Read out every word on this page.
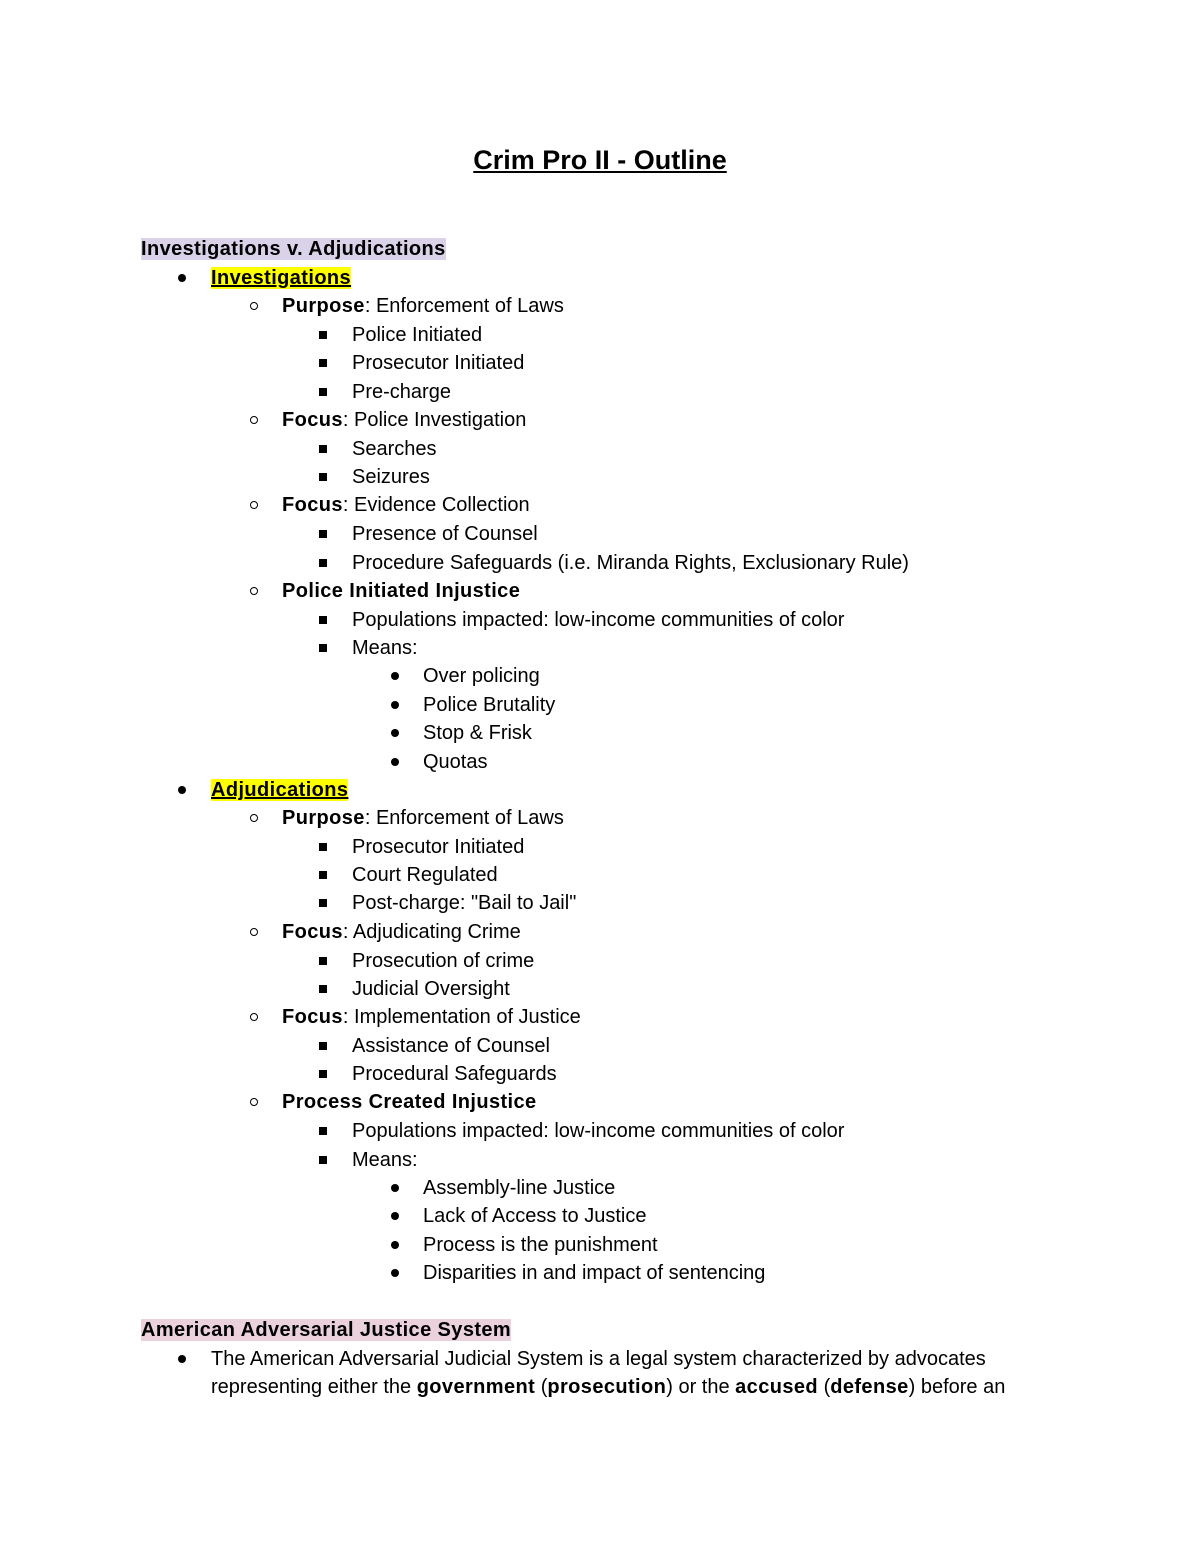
Crim Pro II - Outline
Investigations v. Adjudications
Investigations
Purpose: Enforcement of Laws
Police Initiated
Prosecutor Initiated
Pre-charge
Focus: Police Investigation
Searches
Seizures
Focus: Evidence Collection
Presence of Counsel
Procedure Safeguards (i.e. Miranda Rights, Exclusionary Rule)
Police Initiated Injustice
Populations impacted: low-income communities of color
Means:
Over policing
Police Brutality
Stop & Frisk
Quotas
Adjudications
Purpose: Enforcement of Laws
Prosecutor Initiated
Court Regulated
Post-charge: "Bail to Jail"
Focus: Adjudicating Crime
Prosecution of crime
Judicial Oversight
Focus: Implementation of Justice
Assistance of Counsel
Procedural Safeguards
Process Created Injustice
Populations impacted: low-income communities of color
Means:
Assembly-line Justice
Lack of Access to Justice
Process is the punishment
Disparities in and impact of sentencing
American Adversarial Justice System
The American Adversarial Judicial System is a legal system characterized by advocates
representing either the government (prosecution) or the accused (defense) before an
